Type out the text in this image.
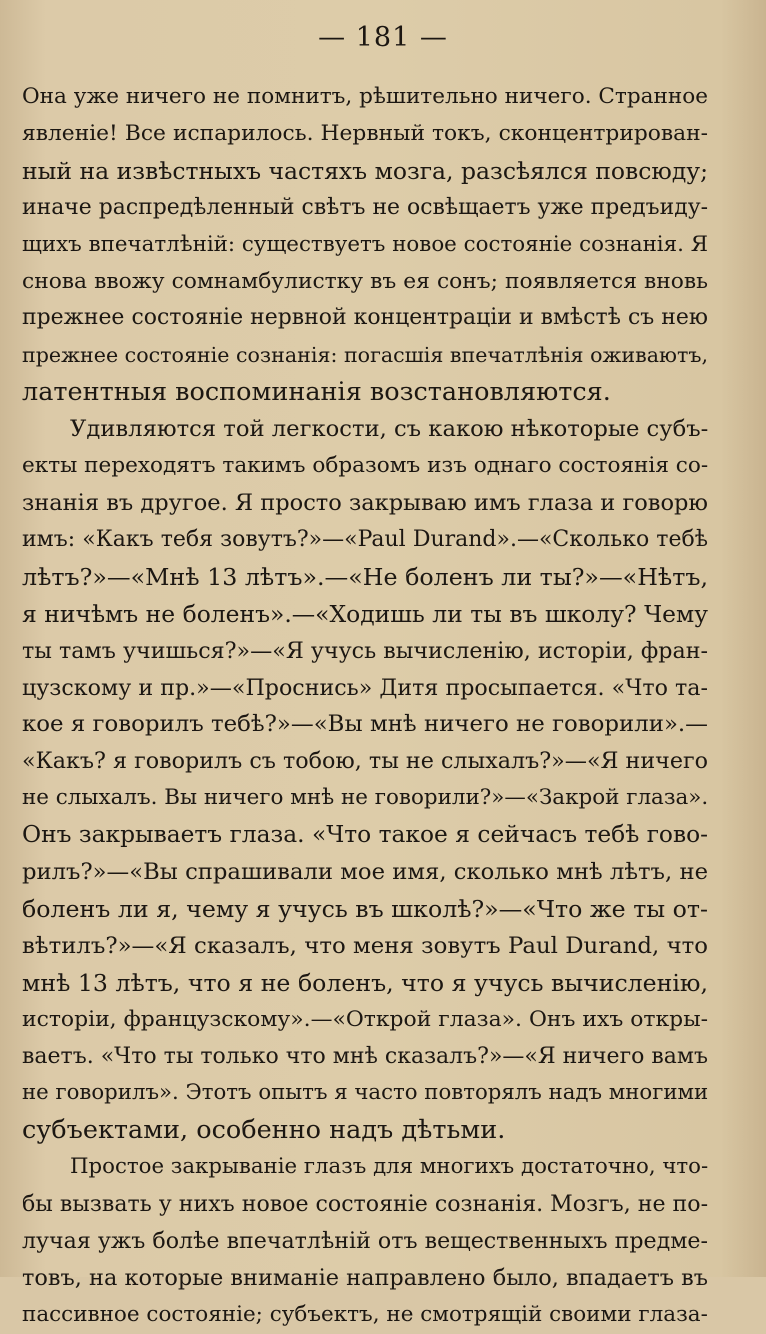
— 181 —

Она уже ничего не помнитъ, рѣшительно ничего. Странное
явленіе! Все испарилось. Нервный токъ, сконцентрирован-
ный на извѣстныхъ частяхъ мозга, разсѣялся повсюду;
иначе распредѣленный свѣтъ не освѣщаетъ уже предъиду-
щихъ впечатлѣній: существуетъ новое состояніе сознанія. Я
снова ввожу сомнамбулистку въ ея сонъ; появляется вновь
прежнее состояніе нервной концентраціи и вмѣстѣ съ нею
прежнее состояніе сознанія: погасшія впечатлѣнія оживаютъ,
латентныя воспоминанія возстановляются.

Удивляются той легкости, съ какою нѣкоторые субъ-
екты переходятъ такимъ образомъ изъ однаго состоянія со-
знанія въ другое. Я просто закрываю имъ глаза и говорю
имъ: «Какъ тебя зовутъ?»—«Paul Durand».—«Сколько тебѣ
лѣтъ?»—«Мнѣ 13 лѣтъ».—«Не боленъ ли ты?»—«Нѣтъ,
я ничѣмъ не боленъ».—«Ходишь ли ты въ школу? Чему
ты тамъ учишься?»—«Я учусь вычисленію, исторіи, фран-
цузскому и пр.»—«Проснись» Дитя просыпается. «Что та-
кое я говорилъ тебѣ?»—«Вы мнѣ ничего не говорили».—
«Какъ? я говорилъ съ тобою, ты не слыхалъ?»—«Я ничего
не слыхалъ. Вы ничего мнѣ не говорили?»—«Закрой глаза».
Онъ закрываетъ глаза. «Что такое я сейчасъ тебѣ гово-
рилъ?»—«Вы спрашивали мое имя, сколько мнѣ лѣтъ, не
боленъ ли я, чему я учусь въ школѣ?»—«Что же ты от-
вѣтилъ?»—«Я сказалъ, что меня зовутъ Paul Durand, что
мнѣ 13 лѣтъ, что я не боленъ, что я учусь вычисленію,
исторіи, французскому».—«Открой глаза». Онъ ихъ откры-
ваетъ. «Что ты только что мнѣ сказалъ?»—«Я ничего вамъ
не говорилъ». Этотъ опытъ я часто повторялъ надъ многими
субъектами, особенно надъ дѣтьми.

Простое закрываніе глазъ для многихъ достаточно, что-
бы вызвать у нихъ новое состояніе сознанія. Мозгъ, не по-
лучая ужъ болѣе впечатлѣній отъ вещественныхъ предме-
товъ, на которые вниманіе направлено было, впадаетъ въ
пассивное состояніе; субъектъ, не смотрящій своими глаза-
